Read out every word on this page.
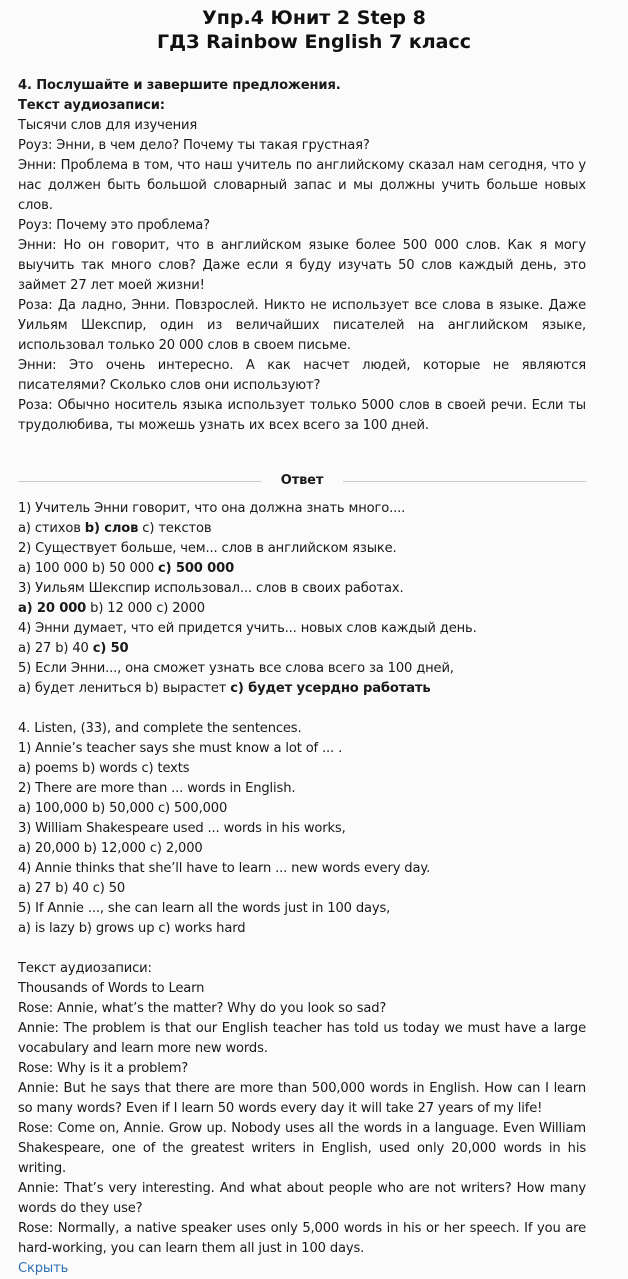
Упр.4 Юнит 2 Step 8
ГДЗ Rainbow English 7 класс

4. Послушайте и завершите предложения.

Текст аудиозаписи:

Тысячи слов для изучения

Роуз: Энни, в чем дело? Почему ты такая грустная?

Энни: Проблема в том, что наш учитель по английскому сказал нам сегодня, что у нас должен быть большой словарный запас и мы должны учить больше новых слов.

Роуз: Почему это проблема?

Энни: Но он говорит, что в английском языке более 500 000 слов. Как я могу выучить так много слов? Даже если я буду изучать 50 слов каждый день, это займет 27 лет моей жизни!

Роза: Да ладно, Энни. Повзрослей. Никто не использует все слова в языке. Даже Уильям Шекспир, один из величайших писателей на английском языке, использовал только 20 000 слов в своем письме.

Энни: Это очень интересно. А как насчет людей, которые не являются писателями? Сколько слов они используют?

Роза: Обычно носитель языка использует только 5000 слов в своей речи. Если ты трудолюбива, ты можешь узнать их всех всего за 100 дней.

Ответ

1) Учитель Энни говорит, что она должна знать много....

а) стихов b) слов с) текстов

2) Существует больше, чем... слов в английском языке.

а) 100 000 b) 50 000 с) 500 000

3) Уильям Шекспир использовал... слов в своих работах.

а) 20 000 b) 12 000 с) 2000

4) Энни думает, что ей придется учить... новых слов каждый день.

а) 27 b) 40 с) 50

5) Если Энни..., она сможет узнать все слова всего за 100 дней,

а) будет лениться b) вырастет с) будет усердно работать

4. Listen, (33), and complete the sentences.

1) Annie’s teacher says she must know a lot of ... .

a) poems b) words c) texts

2) There are more than ... words in English.

a) 100,000 b) 50,000 c) 500,000

3) William Shakespeare used ... words in his works,

a) 20,000 b) 12,000 c) 2,000

4) Annie thinks that she’ll have to learn ... new words every day.

a) 27 b) 40 c) 50

5) If Annie ..., she can learn all the words just in 100 days,

a) is lazy b) grows up c) works hard

Текст аудиозаписи:

Thousands of Words to Learn

Rose: Annie, what’s the matter? Why do you look so sad?

Annie: The problem is that our English teacher has told us today we must have a large vocabulary and learn more new words.

Rose: Why is it a problem?

Annie: But he says that there are more than 500,000 words in English. How can I learn so many words? Even if I learn 50 words every day it will take 27 years of my life!

Rose: Come on, Annie. Grow up. Nobody uses all the words in a language. Even William Shakespeare, one of the greatest writers in English, used only 20,000 words in his writing.

Annie: That’s very interesting. And what about people who are not writers? How many words do they use?

Rose: Normally, a native speaker uses only 5,000 words in his or her speech. If you are hard-working, you can learn them all just in 100 days.

Скрыть
